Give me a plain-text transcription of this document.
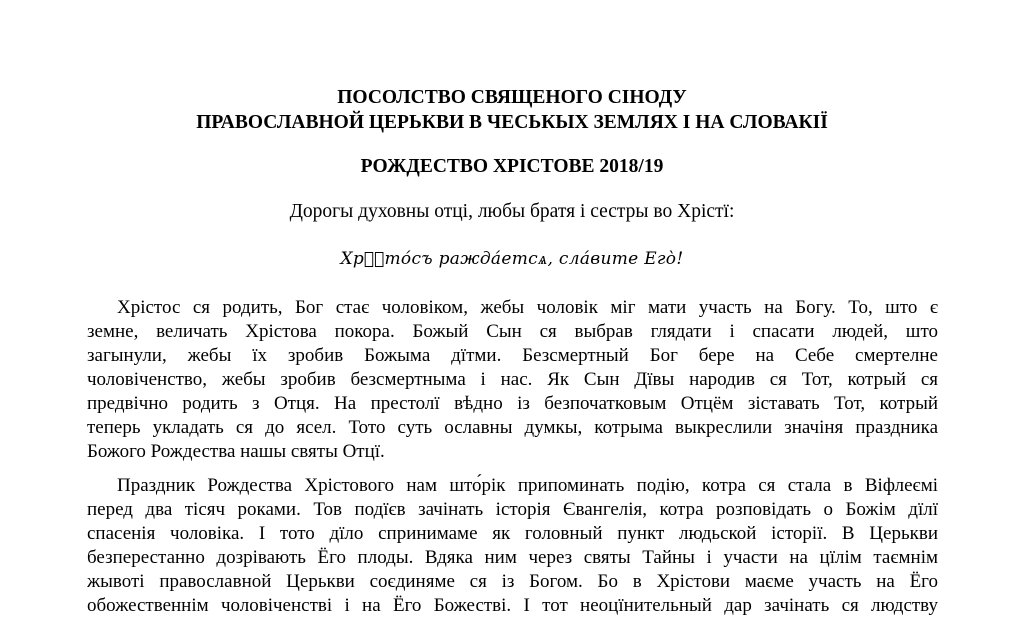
ПОСОЛСТВО СВЯЩЕНОГО СІНОДУ
ПРАВОСЛАВНОЙ ЦЕРЬКВИ В ЧЕСЬКЫХ ЗЕМЛЯХ І НА СЛОВАКІЇ
РОЖДЕСТВО ХРІСТОВЕ 2018/19
Дорогы духовны отці, любы братя і сестры во Хрістї:
Хрⷭ҇то́съ ражда́етсѧ, сла́вите Его̀!
Хрістос ся родить, Бог стає чоловіком, жебы чоловік міг мати участь на Богу. То, што є
земне, величать Хрістова покора. Божый Сын ся выбрав глядати і спасати людей, што
загынули, жебы їх зробив Божыма дїтми. Безсмертный Бог бере на Себе смертелне
чоловіченство, жебы зробив безсмертныма і нас. Як Сын Дївы народив ся Тот, котрый ся
предвічно родить з Отця. На престолї вѣдно із безпочатковым Отцём зіставать Тот, котрый
теперь укладать ся до ясел. Тото суть ославны думкы, котрыма выкреслили значіня праздника
Божого Рождества нашы святы Отцї.
Праздник Рождества Хрістового нам што́рік припоминать подію, котра ся стала в Віфлеємі
перед два тісяч роками. Тов подїєв зачінать історія Євангелія, котра розповідать о Божім дїлї
спасенія чоловіка. І тото дїло спринимаме як головный пункт людьской історії. В Церькви
безперестанно дозрівають Ёго плоды. Вдяка ним через святы Тайны і участи на цїлім таємнім
жывоті православной Церькви соєдиняме ся із Богом. Бо в Хрістови маєме участь на Ёго
обожественнім чоловіченстві і на Ёго Божестві. І тот неоцїнительный дар зачінать ся людству
